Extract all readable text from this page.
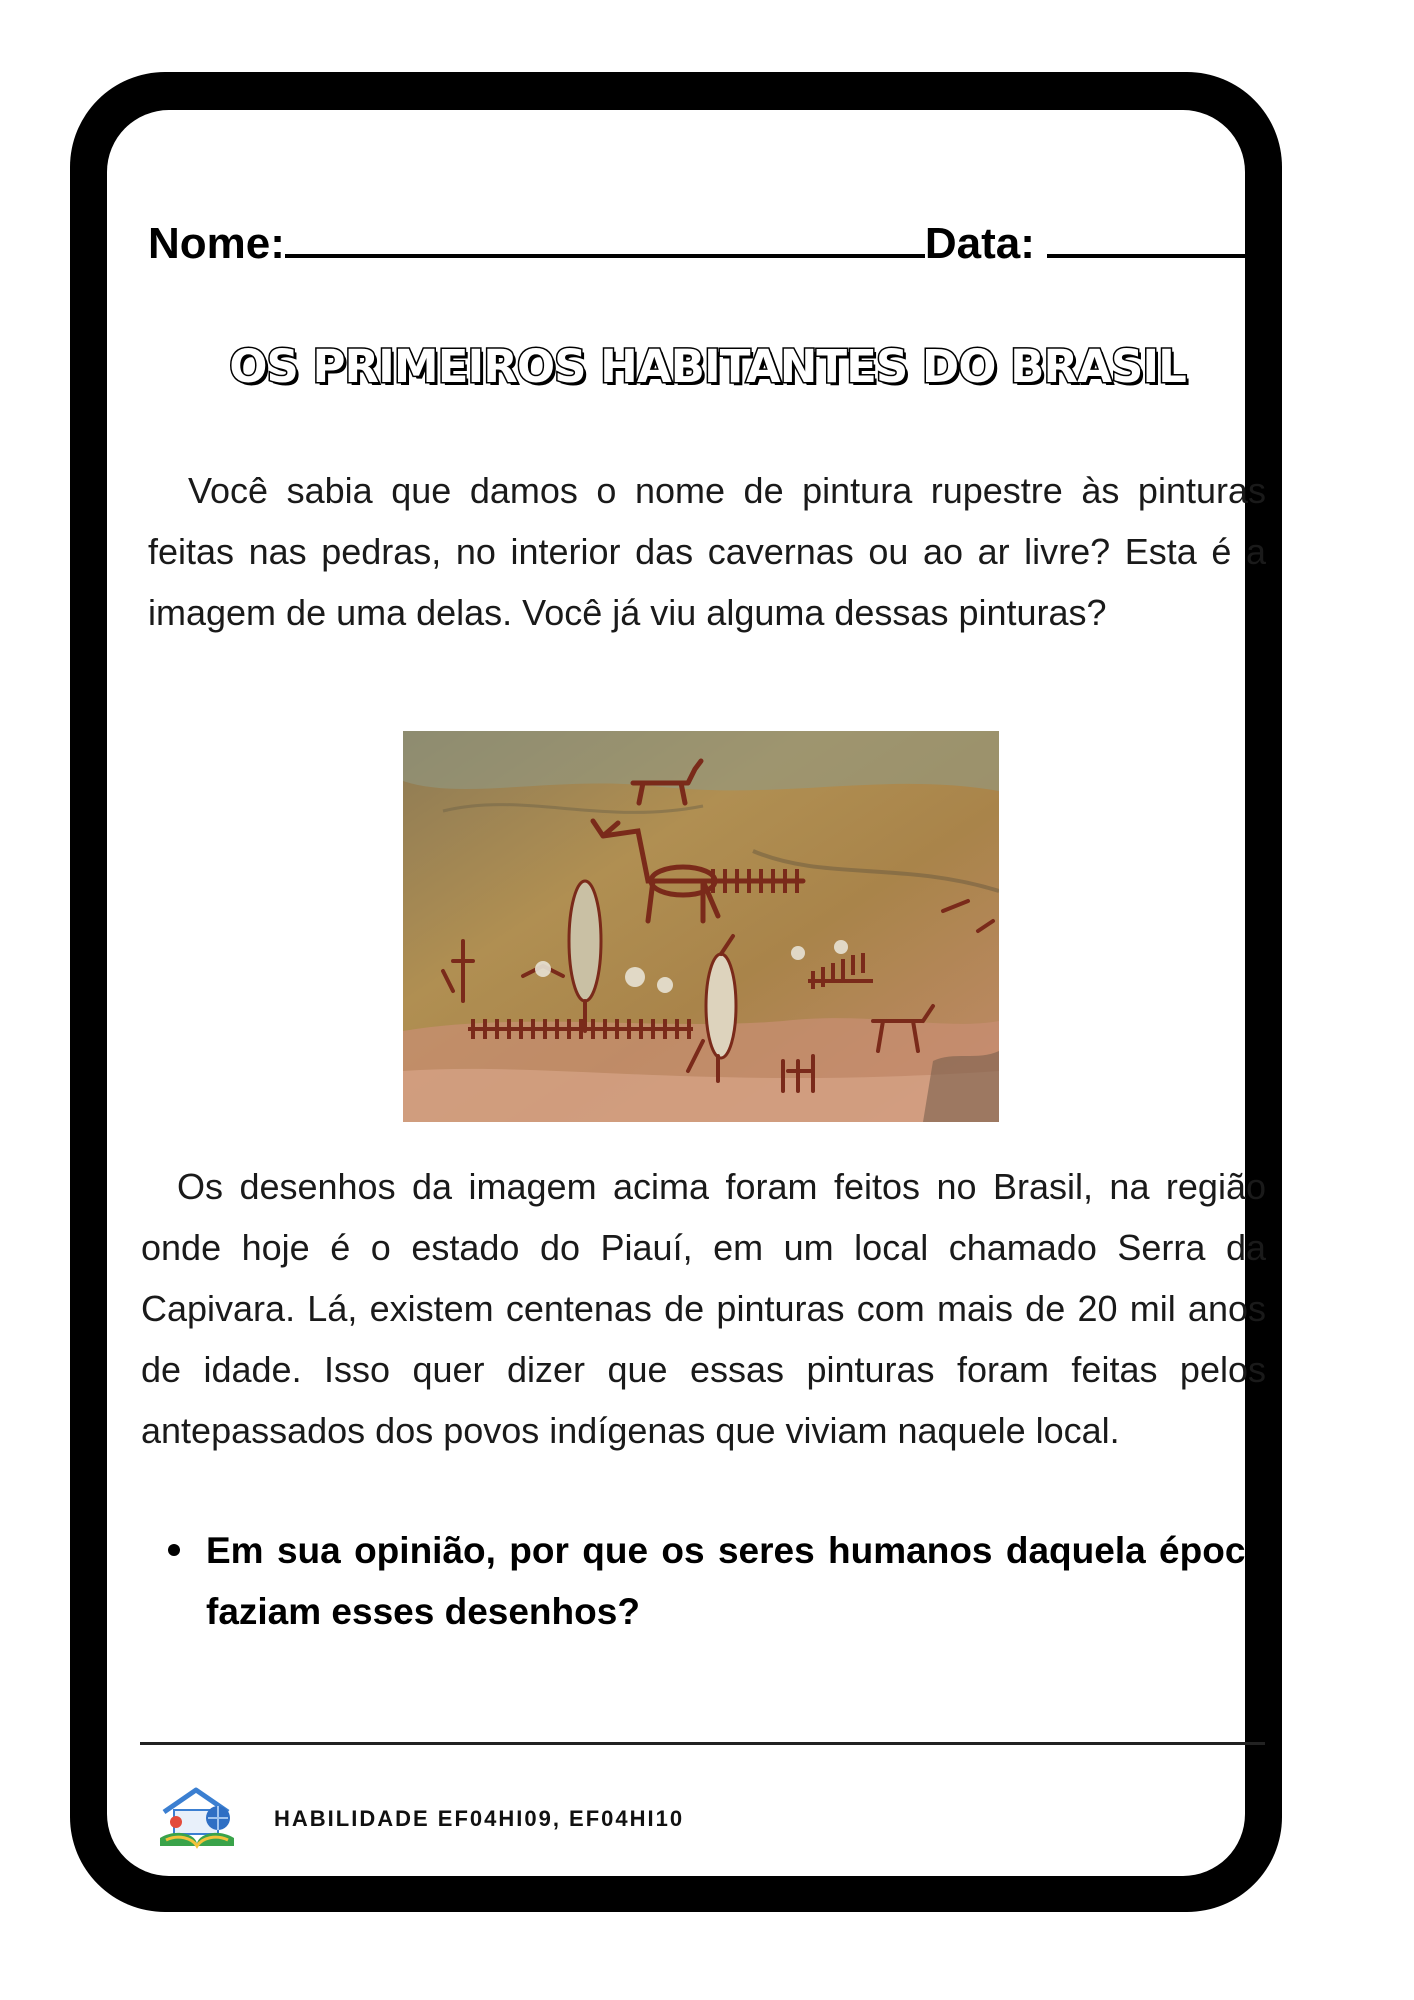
Nome:	Data:
OS PRIMEIROS HABITANTES DO BRASIL
Você sabia que damos o nome de pintura rupestre às pinturas feitas nas pedras, no interior das cavernas ou ao ar livre? Esta é a imagem de uma delas. Você já viu alguma dessas pinturas?
Os desenhos da imagem acima foram feitos no Brasil, na região onde hoje é o estado do Piauí, em um local chamado Serra da Capivara. Lá, existem centenas de pinturas com mais de 20 mil anos de idade. Isso quer dizer que essas pinturas foram feitas pelos antepassados dos povos indígenas que viviam naquele local.
Em sua opinião, por que os seres humanos daquela época faziam esses desenhos?
HABILIDADE EF04HI09, EF04HI10
